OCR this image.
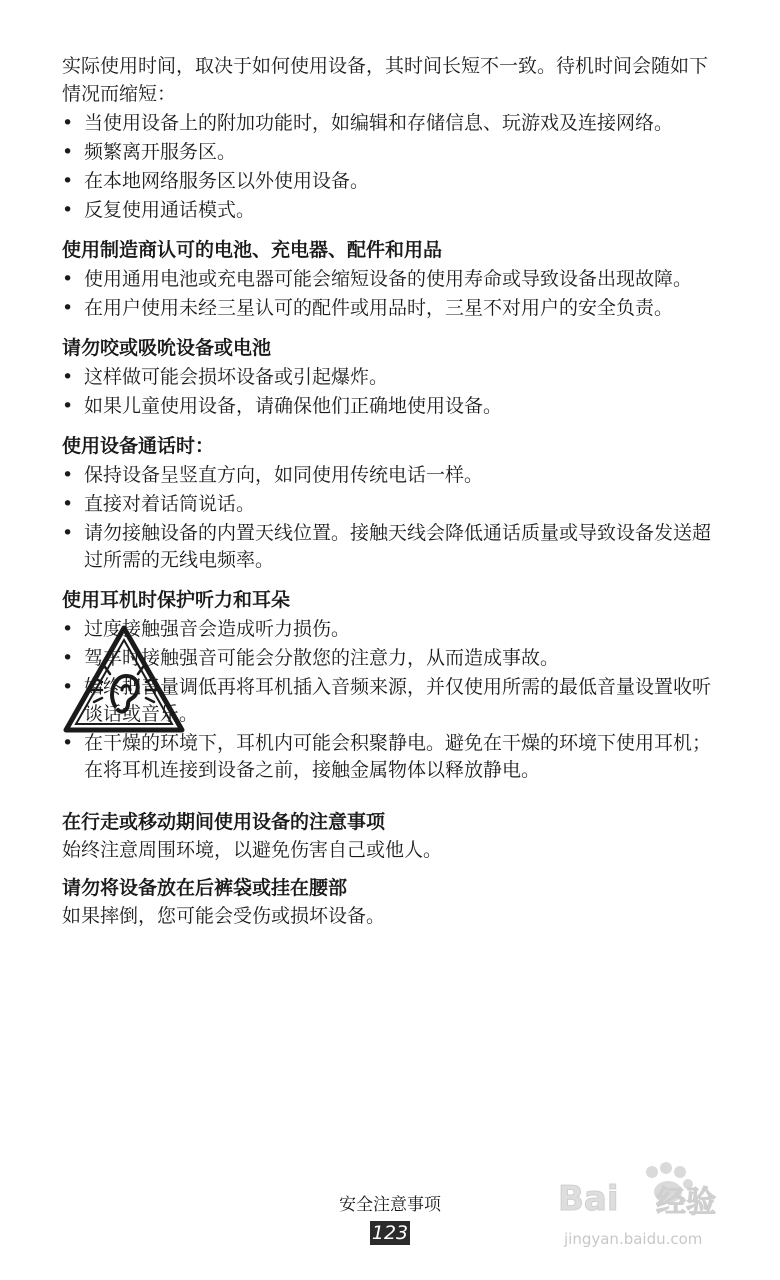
实际使用时间，取决于如何使用设备，其时间长短不一致。待机时间会随如下情况而缩短：

• 当使用设备上的附加功能时，如编辑和存储信息、玩游戏及连接网络。
• 频繁离开服务区。
• 在本地网络服务区以外使用设备。
• 反复使用通话模式。
使用制造商认可的电池、充电器、配件和用品
• 使用通用电池或充电器可能会缩短设备的使用寿命或导致设备出现故障。
• 在用户使用未经三星认可的配件或用品时，三星不对用户的安全负责。
请勿咬或吸吮设备或电池
• 这样做可能会损坏设备或引起爆炸。
• 如果儿童使用设备，请确保他们正确地使用设备。
使用设备通话时：
• 保持设备呈竖直方向，如同使用传统电话一样。
• 直接对着话筒说话。
• 请勿接触设备的内置天线位置。接触天线会降低通话质量或导致设备发送超过所需的无线电频率。
使用耳机时保护听力和耳朵
• 过度接触强音会造成听力损伤。
• 驾车时接触强音可能会分散您的注意力，从而造成事故。
• 始终把音量调低再将耳机插入音频来源，并仅使用所需的最低音量设置收听谈话或音乐。
• 在干燥的环境下，耳机内可能会积聚静电。避免在干燥的环境下使用耳机；在将耳机连接到设备之前，接触金属物体以释放静电。
在行走或移动期间使用设备的注意事项

始终注意周围环境，以避免伤害自己或他人。

请勿将设备放在后裤袋或挂在腰部

如果摔倒，您可能会受伤或损坏设备。

安全注意事项
123
Bai 经验
jingyan.baidu.com
